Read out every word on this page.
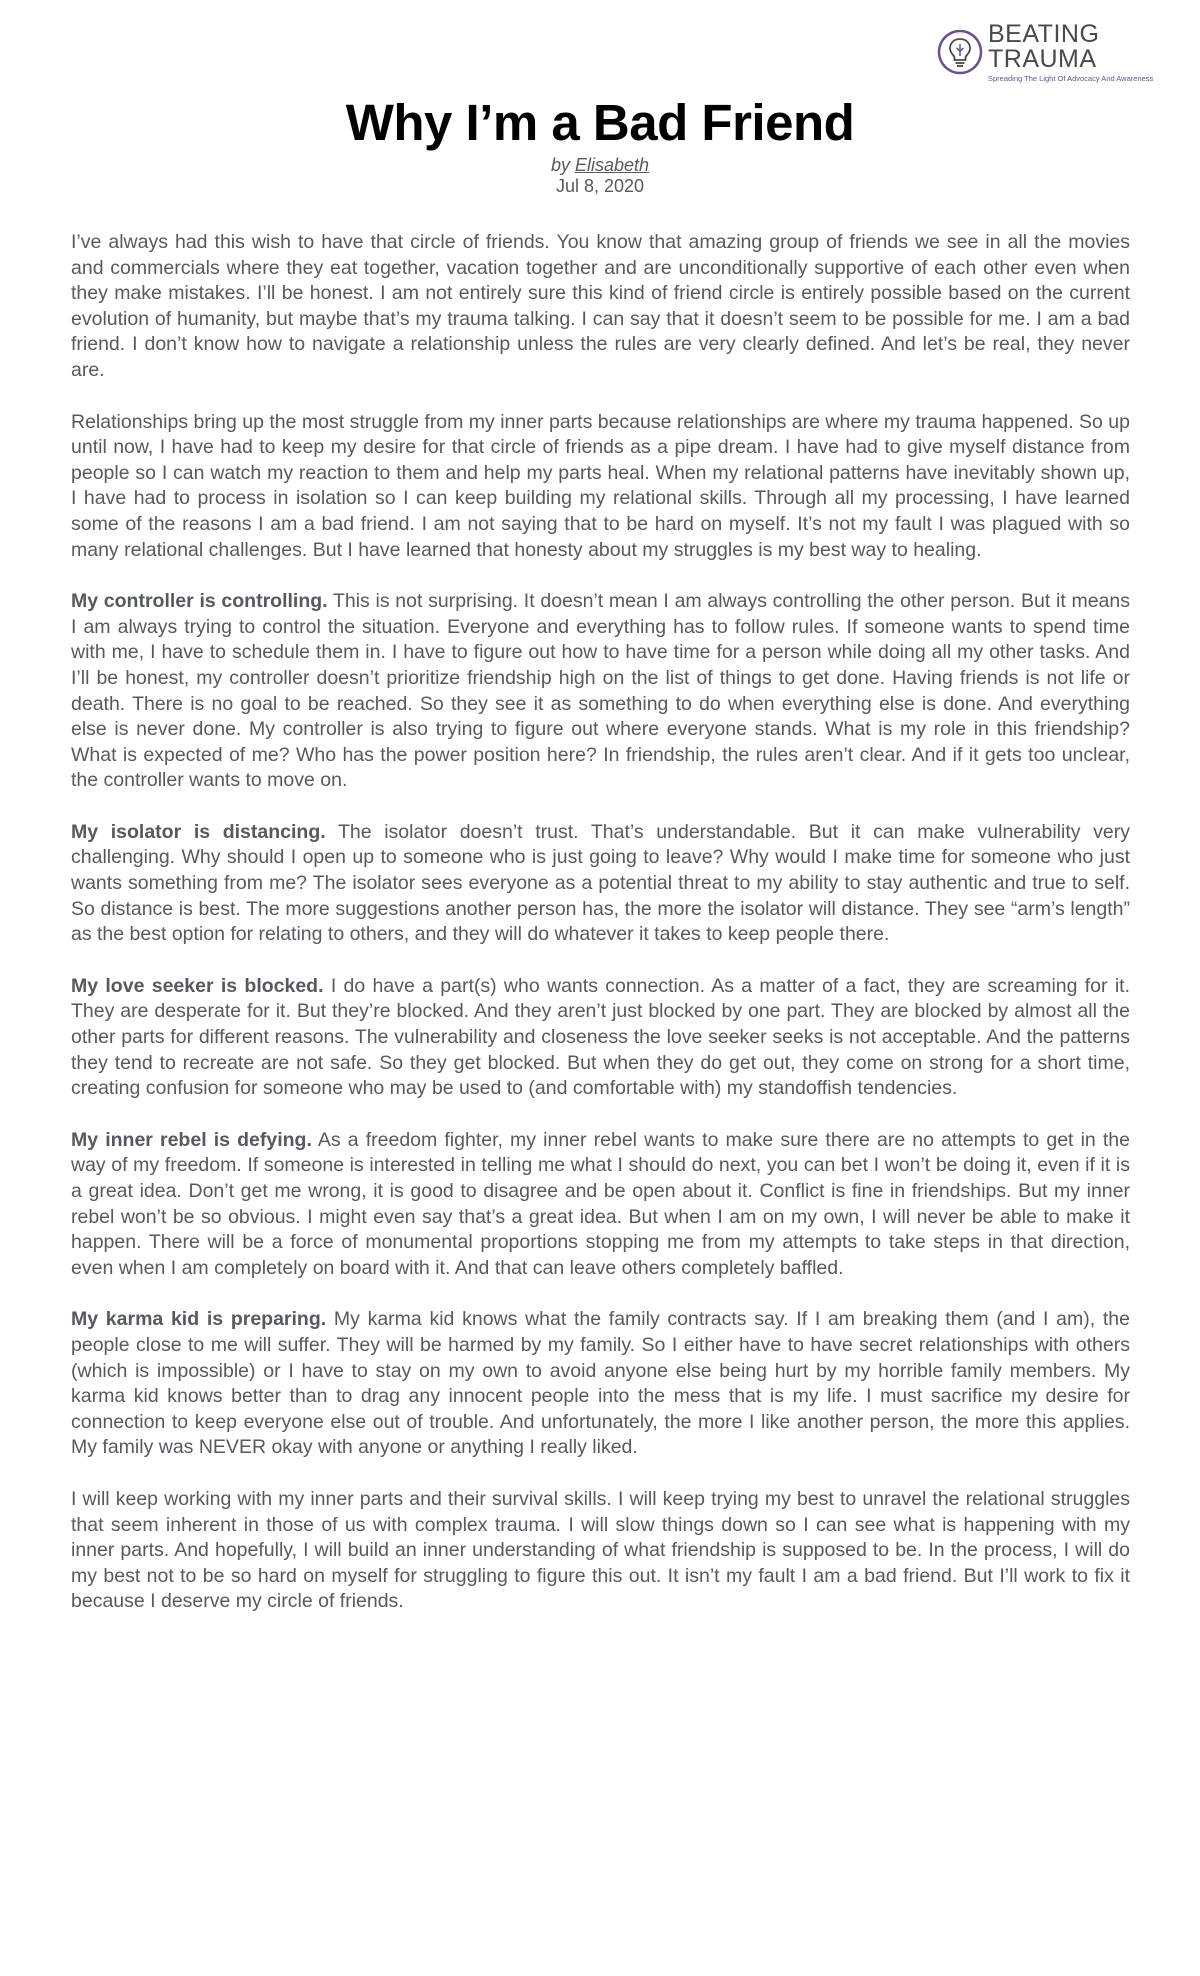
BEATING TRAUMA
Spreading The Light Of Advocacy And Awareness
Why I’m a Bad Friend
by Elisabeth
Jul 8, 2020

I’ve always had this wish to have that circle of friends. You know that amazing group of friends we see in all the movies and commercials where they eat together, vacation together and are unconditionally supportive of each other even when they make mistakes. I’ll be honest. I am not entirely sure this kind of friend circle is entirely possible based on the current evolution of humanity, but maybe that’s my trauma talking. I can say that it doesn’t seem to be possible for me. I am a bad friend. I don’t know how to navigate a relationship unless the rules are very clearly defined. And let’s be real, they never are.

Relationships bring up the most struggle from my inner parts because relationships are where my trauma happened. So up until now, I have had to keep my desire for that circle of friends as a pipe dream. I have had to give myself distance from people so I can watch my reaction to them and help my parts heal. When my relational patterns have inevitably shown up, I have had to process in isolation so I can keep building my relational skills. Through all my processing, I have learned some of the reasons I am a bad friend. I am not saying that to be hard on myself. It’s not my fault I was plagued with so many relational challenges. But I have learned that honesty about my struggles is my best way to healing.

My controller is controlling. This is not surprising. It doesn’t mean I am always controlling the other person. But it means I am always trying to control the situation. Everyone and everything has to follow rules. If someone wants to spend time with me, I have to schedule them in. I have to figure out how to have time for a person while doing all my other tasks. And I’ll be honest, my controller doesn’t prioritize friendship high on the list of things to get done. Having friends is not life or death. There is no goal to be reached. So they see it as something to do when everything else is done. And everything else is never done. My controller is also trying to figure out where everyone stands. What is my role in this friendship? What is expected of me? Who has the power position here? In friendship, the rules aren’t clear. And if it gets too unclear, the controller wants to move on.

My isolator is distancing. The isolator doesn’t trust. That’s understandable. But it can make vulnerability very challenging. Why should I open up to someone who is just going to leave? Why would I make time for someone who just wants something from me? The isolator sees everyone as a potential threat to my ability to stay authentic and true to self. So distance is best. The more suggestions another person has, the more the isolator will distance. They see “arm’s length” as the best option for relating to others, and they will do whatever it takes to keep people there.

My love seeker is blocked. I do have a part(s) who wants connection. As a matter of a fact, they are screaming for it. They are desperate for it. But they’re blocked. And they aren’t just blocked by one part. They are blocked by almost all the other parts for different reasons. The vulnerability and closeness the love seeker seeks is not acceptable. And the patterns they tend to recreate are not safe. So they get blocked. But when they do get out, they come on strong for a short time, creating confusion for someone who may be used to (and comfortable with) my standoffish tendencies.

My inner rebel is defying. As a freedom fighter, my inner rebel wants to make sure there are no attempts to get in the way of my freedom. If someone is interested in telling me what I should do next, you can bet I won’t be doing it, even if it is a great idea. Don’t get me wrong, it is good to disagree and be open about it. Conflict is fine in friendships. But my inner rebel won’t be so obvious. I might even say that’s a great idea. But when I am on my own, I will never be able to make it happen. There will be a force of monumental proportions stopping me from my attempts to take steps in that direction, even when I am completely on board with it. And that can leave others completely baffled.

My karma kid is preparing. My karma kid knows what the family contracts say. If I am breaking them (and I am), the people close to me will suffer. They will be harmed by my family. So I either have to have secret relationships with others (which is impossible) or I have to stay on my own to avoid anyone else being hurt by my horrible family members. My karma kid knows better than to drag any innocent people into the mess that is my life. I must sacrifice my desire for connection to keep everyone else out of trouble. And unfortunately, the more I like another person, the more this applies. My family was NEVER okay with anyone or anything I really liked.

I will keep working with my inner parts and their survival skills. I will keep trying my best to unravel the relational struggles that seem inherent in those of us with complex trauma. I will slow things down so I can see what is happening with my inner parts. And hopefully, I will build an inner understanding of what friendship is supposed to be. In the process, I will do my best not to be so hard on myself for struggling to figure this out. It isn’t my fault I am a bad friend. But I’ll work to fix it because I deserve my circle of friends.
